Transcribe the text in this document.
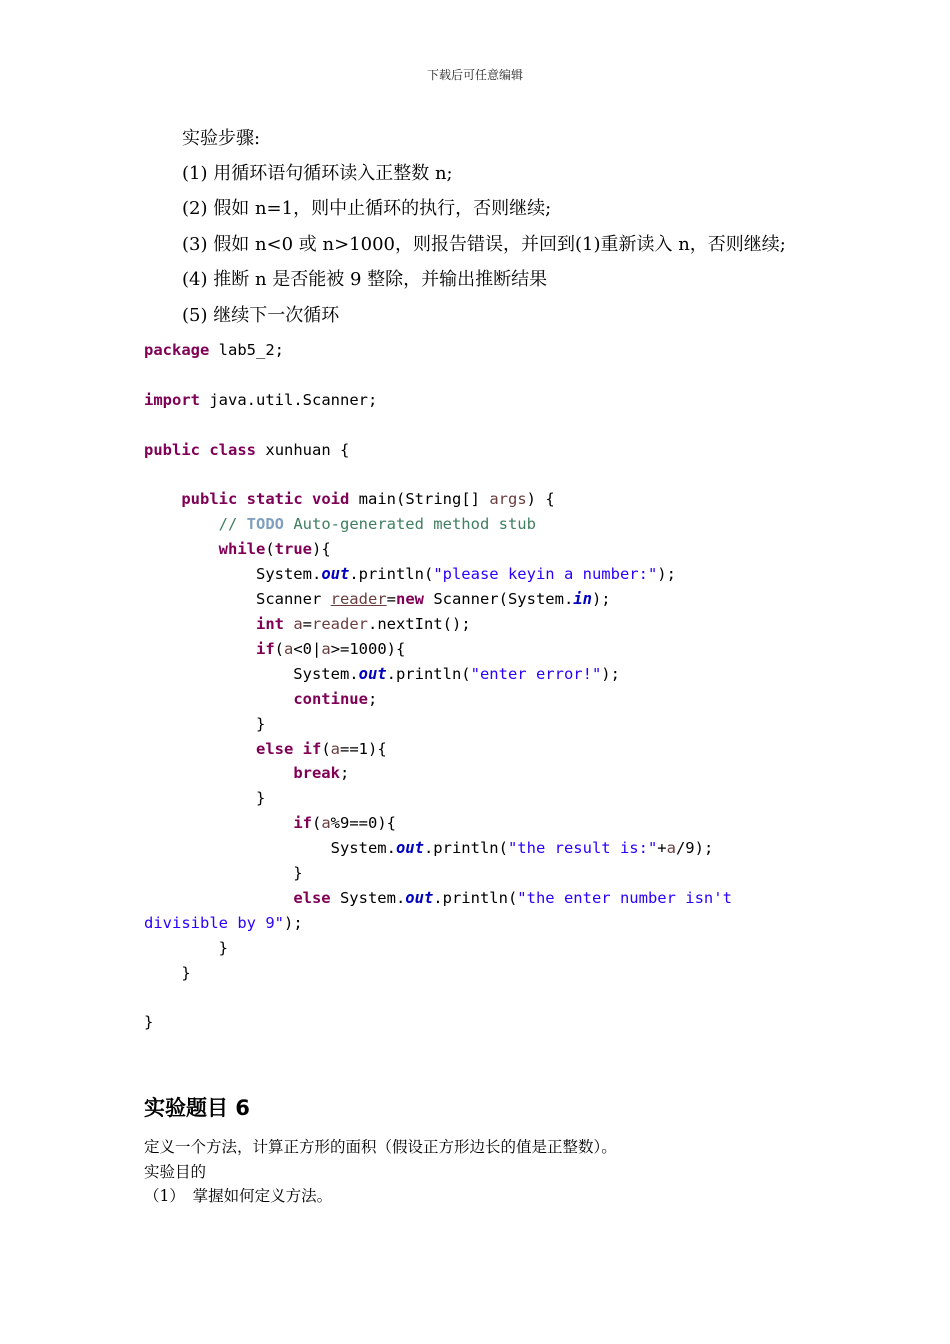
下载后可任意编辑
实验步骤:
(1) 用循环语句循环读入正整数 n;
(2) 假如 n=1，则中止循环的执行，否则继续;
(3) 假如 n<0 或 n>1000，则报告错误，并回到(1)重新读入 n，否则继续;
(4) 推断 n 是否能被 9 整除，并输出推断结果
(5) 继续下一次循环
package lab5_2;

import java.util.Scanner;

public class xunhuan {

public static void main(String[] args) {
// TODO Auto-generated method stub
while(true){
System.out.println("please keyin a number:");
Scanner reader=new Scanner(System.in);
int a=reader.nextInt();
if(a<0|a>=1000){
System.out.println("enter error!");
continue;
}
else if(a==1){
break;
}
if(a%9==0){
System.out.println("the result is:"+a/9);
}
else System.out.println("the enter number isn't
divisible by 9");
}
}

}
实验题目 6
定义一个方法，计算正方形的面积（假设正方形边长的值是正整数）。
实验目的
（1）　掌握如何定义方法。
